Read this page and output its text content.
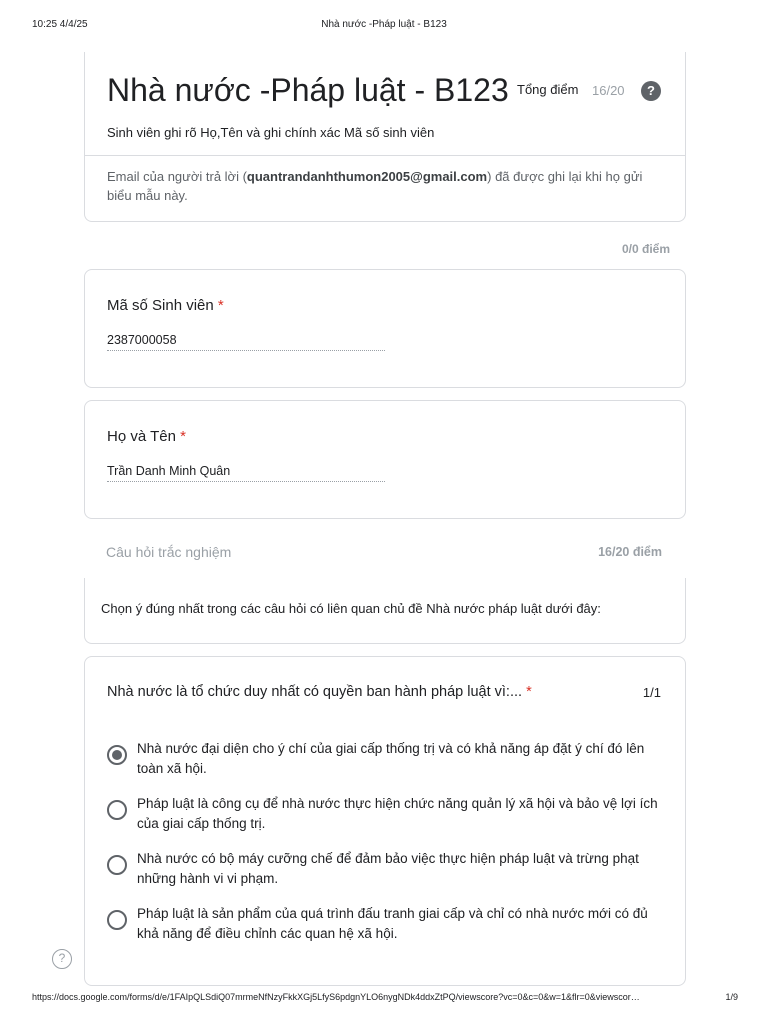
10:25 4/4/25	Nhà nước -Pháp luật - B123
Nhà nước -Pháp luật - B123 Tổng điểm 16/20	?
Sinh viên ghi rõ Họ,Tên và ghi chính xác Mã số sinh viên
Email của người trả lời (quantrandanhthumon2005@gmail.com) đã được ghi lại khi họ gửi biểu mẫu này.
0/0 điểm
Mã số Sinh viên *
2387000058
Họ và Tên *
Trần Danh Minh Quân
Câu hỏi trắc nghiệm	16/20 điểm
Chọn ý đúng nhất trong các câu hỏi có liên quan chủ đề Nhà nước pháp luật dưới đây:
Nhà nước là tổ chức duy nhất có quyền ban hành pháp luật vì:... *	1/1
Nhà nước đại diện cho ý chí của giai cấp thống trị và có khả năng áp đặt ý chí đó lên toàn xã hội.
Pháp luật là công cụ để nhà nước thực hiện chức năng quản lý xã hội và bảo vệ lợi ích của giai cấp thống trị.
Nhà nước có bộ máy cưỡng chế để đảm bảo việc thực hiện pháp luật và trừng phạt những hành vi vi phạm.
Pháp luật là sản phẩm của quá trình đấu tranh giai cấp và chỉ có nhà nước mới có đủ khả năng để điều chỉnh các quan hệ xã hội.
?
https://docs.google.com/forms/d/e/1FAIpQLSdiQ07mrmeNfNzyFkkXGj5LfyS6pdgnYLO6nygNDk4ddxZtPQ/viewscore?vc=0&c=0&w=1&flr=0&viewscor…	1/9
